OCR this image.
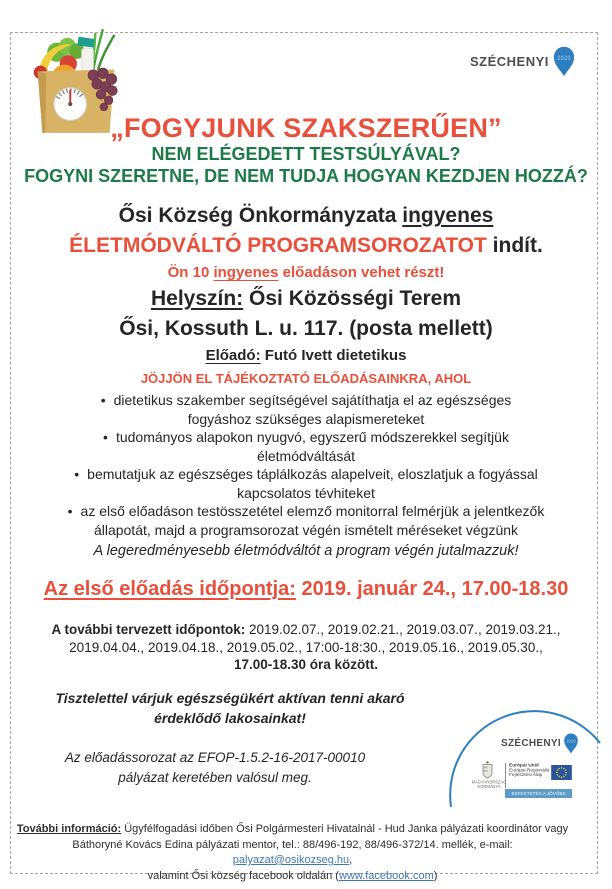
SZÉCHENYI 2020
„FOGYJUNK SZAKSZERŰEN”
NEM ELÉGEDETT TESTSÚLYÁVAL?
FOGYNI SZERETNE, DE NEM TUDJA HOGYAN KEZDJEN HOZZÁ?
Ősi Község Önkormányzata ingyenes
ÉLETMÓDVÁLTÓ PROGRAMSOROZATOT indít.
Ön 10 ingyenes előadáson vehet részt!
Helyszín: Ősi Közösségi Terem
Ősi, Kossuth L. u. 117. (posta mellett)
Előadó: Futó Ivett dietetikus
JÖJJÖN EL TÁJÉKOZTATÓ ELŐADÁSAINKRA, AHOL
• dietetikus szakember segítségével sajátíthatja el az egészséges
fogyáshoz szükséges alapismereteket
• tudományos alapokon nyugvó, egyszerű módszerekkel segítjük
életmódváltását
• bemutatjuk az egészséges táplálkozás alapelveit, eloszlatjuk a fogyással
kapcsolatos tévhiteket
• az első előadáson testösszetétel elemző monitorral felmérjük a jelentkezők
állapotát, majd a programsorozat végén ismételt méréseket végzünk
A legeredményesebb életmódváltót a program végén jutalmazzuk!
Az első előadás időpontja: 2019. január 24., 17.00-18.30
A további tervezett időpontok: 2019.02.07., 2019.02.21., 2019.03.07., 2019.03.21.,
2019.04.04., 2019.04.18., 2019.05.02., 17:00-18:30., 2019.05.16., 2019.05.30.,
17.00-18.30 óra között.
Tisztelettel várjuk egészségükért aktívan tenni akaró
érdeklődő lakosainkat!
Az előadássorozat az EFOP-1.5.2-16-2017-00010
pályázat keretében valósul meg.
SZÉCHENYI 2020
MAGYARORSZÁG
KORMÁNYA
Európai Unió
Európai Regionális
Fejlesztési Alap
BEFEKTETÉS A JÖVŐBE
További információ: Ügyfélfogadási időben Ősi Polgármesteri Hivatalnál - Hud Janka pályázati koordinátor vagy
Báthoryné Kovács Edina pályázati mentor, tel.: 88/496-192, 88/496-372/14. mellék, e-mail: palyazat@osikozseg.hu,
valamint Ősi község facebook oldalán (www.facebook.com)
